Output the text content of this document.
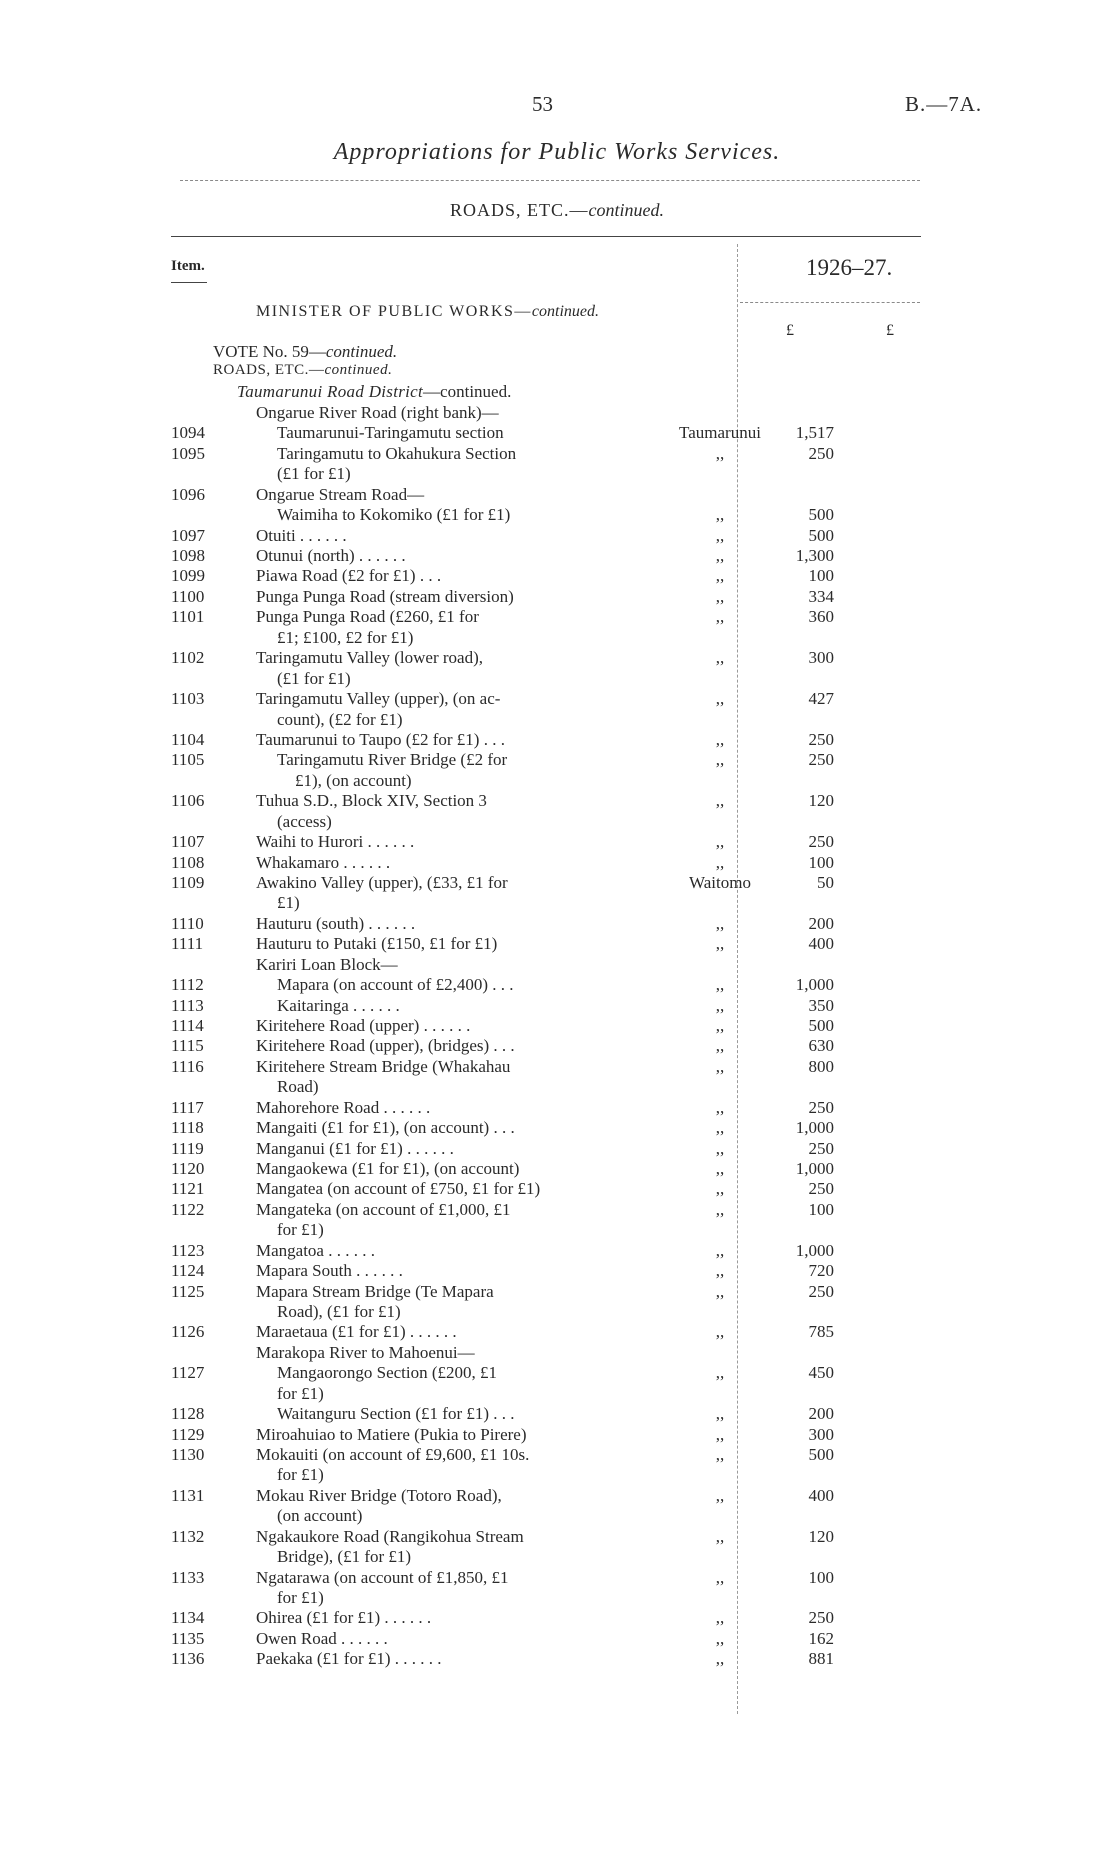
53	B.—7A.
Appropriations for Public Works Services.
ROADS, ETC.—continued.
Item.	1926–27.
MINISTER OF PUBLIC WORKS—continued.
£	£
VOTE No. 59—continued.
ROADS, ETC.—continued.
Taumarunui Road District—continued.
Ongarue River Road (right bank)—
1094	Taumarunui-Taringamutu section	Taumarunui	1,517
1095	Taringamutu to Okahukura Section	,,	250
(£1 for £1)
1096	Ongarue Stream Road—
Waimiha to Kokomiko (£1 for £1)	,,	500
1097	Otuiti . . . . . .	,,	500
1098	Otunui (north) . . . . . .	,,	1,300
1099	Piawa Road (£2 for £1) . . .	,,	100
1100	Punga Punga Road (stream diversion)	,,	334
1101	Punga Punga Road (£260, £1 for	,,	360
£1; £100, £2 for £1)
1102	Taringamutu Valley (lower road),	,,	300
(£1 for £1)
1103	Taringamutu Valley (upper), (on ac-	,,	427
count), (£2 for £1)
1104	Taumarunui to Taupo (£2 for £1) . . .	,,	250
1105	Taringamutu River Bridge (£2 for	,,	250
£1), (on account)
1106	Tuhua S.D., Block XIV, Section 3	,,	120
(access)
1107	Waihi to Hurori . . . . . .	,,	250
1108	Whakamaro . . . . . .	,,	100
1109	Awakino Valley (upper), (£33, £1 for	Waitomo	50
£1)
1110	Hauturu (south) . . . . . .	,,	200
1111	Hauturu to Putaki (£150, £1 for £1)	,,	400
Kariri Loan Block—
1112	Mapara (on account of £2,400) . . .	,,	1,000
1113	Kaitaringa . . . . . .	,,	350
1114	Kiritehere Road (upper) . . . . . .	,,	500
1115	Kiritehere Road (upper), (bridges) . . .	,,	630
1116	Kiritehere Stream Bridge (Whakahau	,,	800
Road)
1117	Mahorehore Road . . . . . .	,,	250
1118	Mangaiti (£1 for £1), (on account) . . .	,,	1,000
1119	Manganui (£1 for £1) . . . . . .	,,	250
1120	Mangaokewa (£1 for £1), (on account)	,,	1,000
1121	Mangatea (on account of £750, £1 for £1)	,,	250
1122	Mangateka (on account of £1,000, £1	,,	100
for £1)
1123	Mangatoa . . . . . .	,,	1,000
1124	Mapara South . . . . . .	,,	720
1125	Mapara Stream Bridge (Te Mapara	,,	250
Road), (£1 for £1)
1126	Maraetaua (£1 for £1) . . . . . .	,,	785
Marakopa River to Mahoenui—
1127	Mangaorongo Section (£200, £1	,,	450
for £1)
1128	Waitanguru Section (£1 for £1) . . .	,,	200
1129	Miroahuiao to Matiere (Pukia to Pirere)	,,	300
1130	Mokauiti (on account of £9,600, £1 10s.	,,	500
for £1)
1131	Mokau River Bridge (Totoro Road),	,,	400
(on account)
1132	Ngakaukore Road (Rangikohua Stream	,,	120
Bridge), (£1 for £1)
1133	Ngatarawa (on account of £1,850, £1	,,	100
for £1)
1134	Ohirea (£1 for £1) . . . . . .	,,	250
1135	Owen Road . . . . . .	,,	162
1136	Paekaka (£1 for £1) . . . . . .	,,	881
